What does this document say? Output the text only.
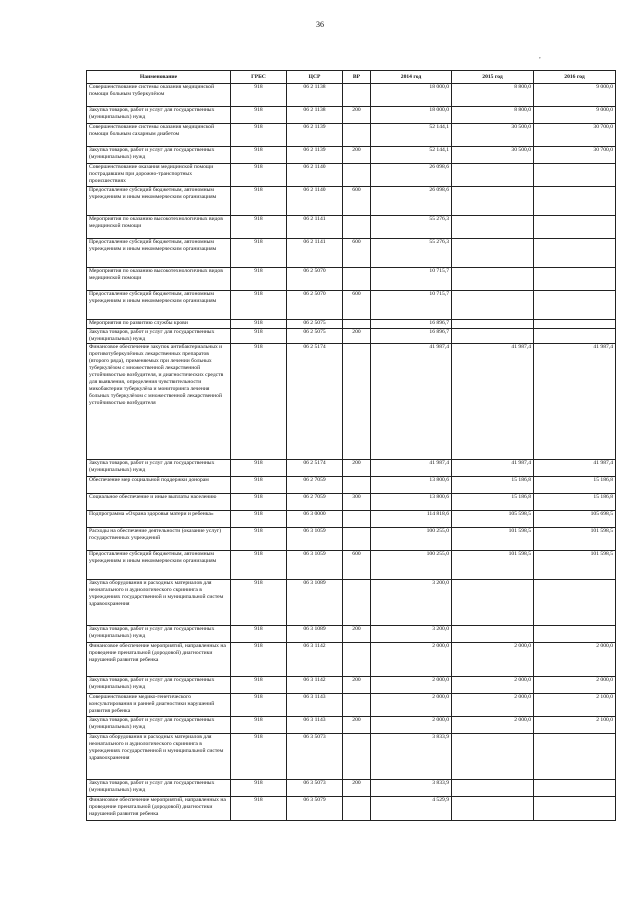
36
,
Наименование	ГРБС	ЦСР	ВР	2014 год	2015 год	2016 год
Совершенствование системы оказания медицинской помощи больным туберкулёзом	918	06 2 1138		18 000,0	8 800,0	9 000,0
Закупка товаров, работ и услуг для государственных (муниципальных) нужд	918	06 2 1138	200	18 000,0	8 800,0	9 000,0
Совершенствование системы оказания медицинской помощи больным сахарным диабетом	918	06 2 1139		52 144,1	30 500,0	30 700,0
Закупка товаров, работ и услуг для государственных (муниципальных) нужд	918	06 2 1139	200	52 144,1	30 500,0	30 700,0
Совершенствование оказания медицинской помощи пострадавшим при дорожно-транспортных происшествиях	918	06 2 1140		26 098,6		
Предоставление субсидий бюджетным, автономным учреждениям и иным некоммерческим организациям	918	06 2 1140	600	26 098,6		
Мероприятия по оказанию высокотехнологичных видов медицинской помощи	918	06 2 1141		55 276,3		
Предоставление субсидий бюджетным, автономным учреждениям и иным некоммерческим организациям	918	06 2 1141	600	55 276,3		
Мероприятия по оказанию высокотехнологичных видов медицинской помощи	918	06 2 5070		10 715,7		
Предоставление субсидий бюджетным, автономным учреждениям и иным некоммерческим организациям	918	06 2 5070	600	10 715,7		
Мероприятия по развитию службы крови	918	06 2 5075		16 896,7		
Закупка товаров, работ и услуг для государственных (муниципальных) нужд	918	06 2 5075	200	16 896,7		
Финансовое обеспечение закупок антибактериальных и противотуберкулёзных лекарственных препаратов (второго ряда), применяемых при лечении больных туберкулёзом с множественной лекарственной устойчивостью возбудителя, и диагностических средств для выявления, определения чувствительности микобактерии туберкулёза и мониторинга лечения больных туберкулёзом с множественной лекарственной устойчивостью возбудителя	918	06 2 5174		41 987,4	41 987,4	41 987,4
Закупка товаров, работ и услуг для государственных (муниципальных) нужд	918	06 2 5174	200	41 987,4	41 987,4	41 987,4
Обеспечение мер социальной поддержки донорам	918	06 2 7059		13 800,6	15 186,8	15 186,8
Социальное обеспечение и иные выплаты населению	918	06 2 7059	300	13 800,6	15 186,8	15 186,8
Подпрограмма «Охрана здоровья матери и ребенка»	918	06 3 0000		114 818,6	105 598,5	105 698,5
Расходы на обеспечение деятельности (оказание услуг) государственных учреждений	918	06 3 1059		100 255,0	101 598,5	101 598,5
Предоставление субсидий бюджетным, автономным учреждениям и иным некоммерческим организациям	918	06 3 1059	600	100 255,0	101 598,5	101 598,5
Закупка оборудования и расходных материалов для неонатального и аудиологического скрининга в учреждениях государственной и муниципальной систем здравоохранения	918	06 3 1089		3 200,0		
Закупка товаров, работ и услуг для государственных (муниципальных) нужд	918	06 3 1089	200	3 200,0		
Финансовое обеспечение мероприятий, направленных на проведение пренатальной (дородовой) диагностики нарушений развития ребенка	918	06 3 1142		2 000,0	2 000,0	2 000,0
Закупка товаров, работ и услуг для государственных (муниципальных) нужд	918	06 3 1142	200	2 000,0	2 000,0	2 000,0
Совершенствование медико-генетического консультирования и ранней диагностики нарушений развития ребенка	918	06 3 1143		2 000,0	2 000,0	2 100,0
Закупка товаров, работ и услуг для государственных (муниципальных) нужд	918	06 3 1143	200	2 000,0	2 000,0	2 100,0
Закупка оборудования и расходных материалов для неонатального и аудиологического скрининга в учреждениях государственной и муниципальной систем здравоохранения	918	06 3 5073		3 833,9		
Закупка товаров, работ и услуг для государственных (муниципальных) нужд	918	06 3 5073	200	3 833,9		
Финансовое обеспечение мероприятий, направленных на проведение пренатальной (дородовой) диагностики нарушений развития ребенка	918	06 3 5079		4 529,9		
